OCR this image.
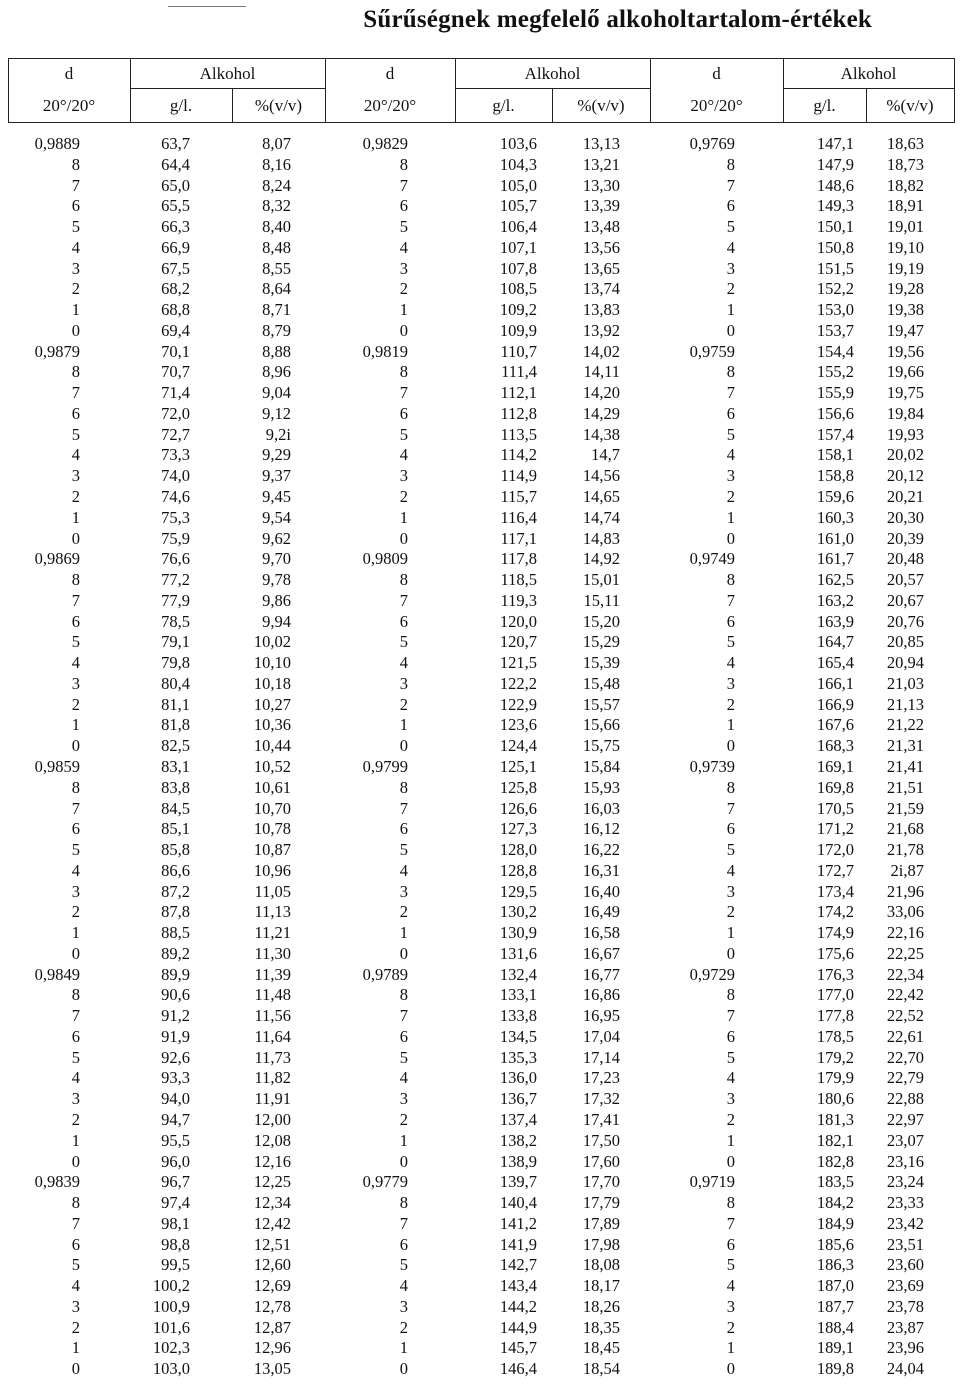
Sűrűségnek megfelelő alkoholtartalom-értékek
d	Alkohol
20°/20°	g/l.	%(v/v)
d	Alkohol
20°/20°	g/l.	%(v/v)
d	Alkohol
20°/20°	g/l.	%(v/v)
0,9889	63,7	8,07	0,9829	103,6	13,13	0,9769	147,1	18,63
8	64,4	8,16	8	104,3	13,21	8	147,9	18,73
7	65,0	8,24	7	105,0	13,30	7	148,6	18,82
6	65,5	8,32	6	105,7	13,39	6	149,3	18,91
5	66,3	8,40	5	106,4	13,48	5	150,1	19,01
4	66,9	8,48	4	107,1	13,56	4	150,8	19,10
3	67,5	8,55	3	107,8	13,65	3	151,5	19,19
2	68,2	8,64	2	108,5	13,74	2	152,2	19,28
1	68,8	8,71	1	109,2	13,83	1	153,0	19,38
0	69,4	8,79	0	109,9	13,92	0	153,7	19,47
0,9879	70,1	8,88	0,9819	110,7	14,02	0,9759	154,4	19,56
8	70,7	8,96	8	111,4	14,11	8	155,2	19,66
7	71,4	9,04	7	112,1	14,20	7	155,9	19,75
6	72,0	9,12	6	112,8	14,29	6	156,6	19,84
5	72,7	9,2i	5	113,5	14,38	5	157,4	19,93
4	73,3	9,29	4	114,2	14,7	4	158,1	20,02
3	74,0	9,37	3	114,9	14,56	3	158,8	20,12
2	74,6	9,45	2	115,7	14,65	2	159,6	20,21
1	75,3	9,54	1	116,4	14,74	1	160,3	20,30
0	75,9	9,62	0	117,1	14,83	0	161,0	20,39
0,9869	76,6	9,70	0,9809	117,8	14,92	0,9749	161,7	20,48
8	77,2	9,78	8	118,5	15,01	8	162,5	20,57
7	77,9	9,86	7	119,3	15,11	7	163,2	20,67
6	78,5	9,94	6	120,0	15,20	6	163,9	20,76
5	79,1	10,02	5	120,7	15,29	5	164,7	20,85
4	79,8	10,10	4	121,5	15,39	4	165,4	20,94
3	80,4	10,18	3	122,2	15,48	3	166,1	21,03
2	81,1	10,27	2	122,9	15,57	2	166,9	21,13
1	81,8	10,36	1	123,6	15,66	1	167,6	21,22
0	82,5	10,44	0	124,4	15,75	0	168,3	21,31
0,9859	83,1	10,52	0,9799	125,1	15,84	0,9739	169,1	21,41
8	83,8	10,61	8	125,8	15,93	8	169,8	21,51
7	84,5	10,70	7	126,6	16,03	7	170,5	21,59
6	85,1	10,78	6	127,3	16,12	6	171,2	21,68
5	85,8	10,87	5	128,0	16,22	5	172,0	21,78
4	86,6	10,96	4	128,8	16,31	4	172,7	2i,87
3	87,2	11,05	3	129,5	16,40	3	173,4	21,96
2	87,8	11,13	2	130,2	16,49	2	174,2	33,06
1	88,5	11,21	1	130,9	16,58	1	174,9	22,16
0	89,2	11,30	0	131,6	16,67	0	175,6	22,25
0,9849	89,9	11,39	0,9789	132,4	16,77	0,9729	176,3	22,34
8	90,6	11,48	8	133,1	16,86	8	177,0	22,42
7	91,2	11,56	7	133,8	16,95	7	177,8	22,52
6	91,9	11,64	6	134,5	17,04	6	178,5	22,61
5	92,6	11,73	5	135,3	17,14	5	179,2	22,70
4	93,3	11,82	4	136,0	17,23	4	179,9	22,79
3	94,0	11,91	3	136,7	17,32	3	180,6	22,88
2	94,7	12,00	2	137,4	17,41	2	181,3	22,97
1	95,5	12,08	1	138,2	17,50	1	182,1	23,07
0	96,0	12,16	0	138,9	17,60	0	182,8	23,16
0,9839	96,7	12,25	0,9779	139,7	17,70	0,9719	183,5	23,24
8	97,4	12,34	8	140,4	17,79	8	184,2	23,33
7	98,1	12,42	7	141,2	17,89	7	184,9	23,42
6	98,8	12,51	6	141,9	17,98	6	185,6	23,51
5	99,5	12,60	5	142,7	18,08	5	186,3	23,60
4	100,2	12,69	4	143,4	18,17	4	187,0	23,69
3	100,9	12,78	3	144,2	18,26	3	187,7	23,78
2	101,6	12,87	2	144,9	18,35	2	188,4	23,87
1	102,3	12,96	1	145,7	18,45	1	189,1	23,96
0	103,0	13,05	0	146,4	18,54	0	189,8	24,04
